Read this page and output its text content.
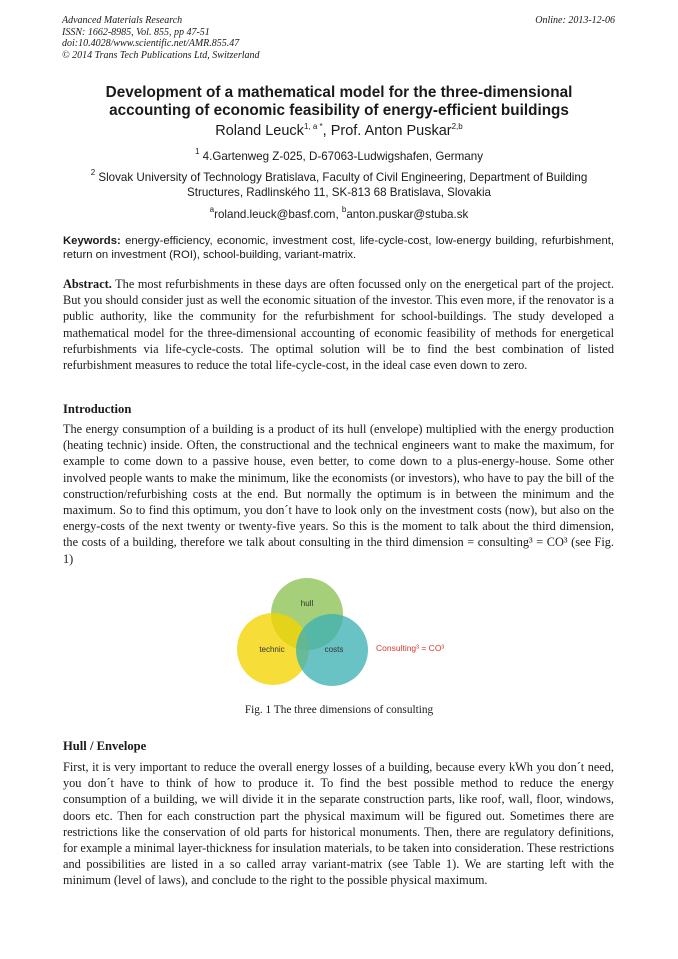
Advanced Materials Research
ISSN: 1662-8985, Vol. 855, pp 47-51
doi:10.4028/www.scientific.net/AMR.855.47
© 2014 Trans Tech Publications Ltd, Switzerland
Online: 2013-12-06
Development of a mathematical model for the three-dimensional
accounting of economic feasibility of energy-efficient buildings
Roland Leuck$^{1, a *}$, Prof. Anton Puskar$^{2,b}$
$^1$ 4.Gartenweg Z-025, D-67063-Ludwigshafen, Germany
$^2$ Slovak University of Technology Bratislava, Faculty of Civil Engineering, Department of Building
Structures, Radlinského 11, SK-813 68 Bratislava, Slovakia
$^a$roland.leuck@basf.com, $^b$anton.puskar@stuba.sk
Keywords: energy-efficiency, economic, investment cost, life-cycle-cost, low-energy building, refurbishment, return on investment (ROI), school-building, variant-matrix.
Abstract. The most refurbishments in these days are often focussed only on the energetical part of the project. But you should consider just as well the economic situation of the investor. This even more, if the renovator is a public authority, like the community for the refurbishment for school-buildings. The study developed a mathematical model for the three-dimensional accounting of economic feasibility of methods for energetical refurbishments via life-cycle-costs. The optimal solution will be to find the best combination of listed refurbishment measures to reduce the total life-cycle-cost, in the ideal case even down to zero.
Introduction
The energy consumption of a building is a product of its hull (envelope) multiplied with the energy production (heating technic) inside. Often, the constructional and the technical engineers want to make the maximum, for example to come down to a passive house, even better, to come down to a plus-energy-house. Some other involved people wants to make the minimum, like the economists (or investors), who have to pay the bill of the construction/refurbishing costs at the end. But normally the optimum is in between the minimum and the maximum. So to find this optimum, you don´t have to look only on the investment costs (now), but also on the energy-costs of the next twenty or twenty-five years. So this is the moment to talk about the third dimension, the costs of a building, therefore we talk about consulting in the third dimension = consulting³ = CO³ (see Fig. 1)
hull
technic	costs	Consulting³ = CO³
Fig. 1 The three dimensions of consulting
Hull / Envelope
First, it is very important to reduce the overall energy losses of a building, because every kWh you don´t need, you don´t have to think of how to produce it. To find the best possible method to reduce the energy consumption of a building, we will divide it in the separate construction parts, like roof, wall, floor, windows, doors etc. Then for each construction part the physical maximum will be figured out. Sometimes there are restrictions like the conservation of old parts for historical monuments. Then, there are regulatory definitions, for example a minimal layer-thickness for insulation materials, to be taken into consideration. These restrictions and possibilities are listed in a so called array variant-matrix (see Table 1). We are starting left with the minimum (level of laws), and conclude to the right to the possible physical maximum.
